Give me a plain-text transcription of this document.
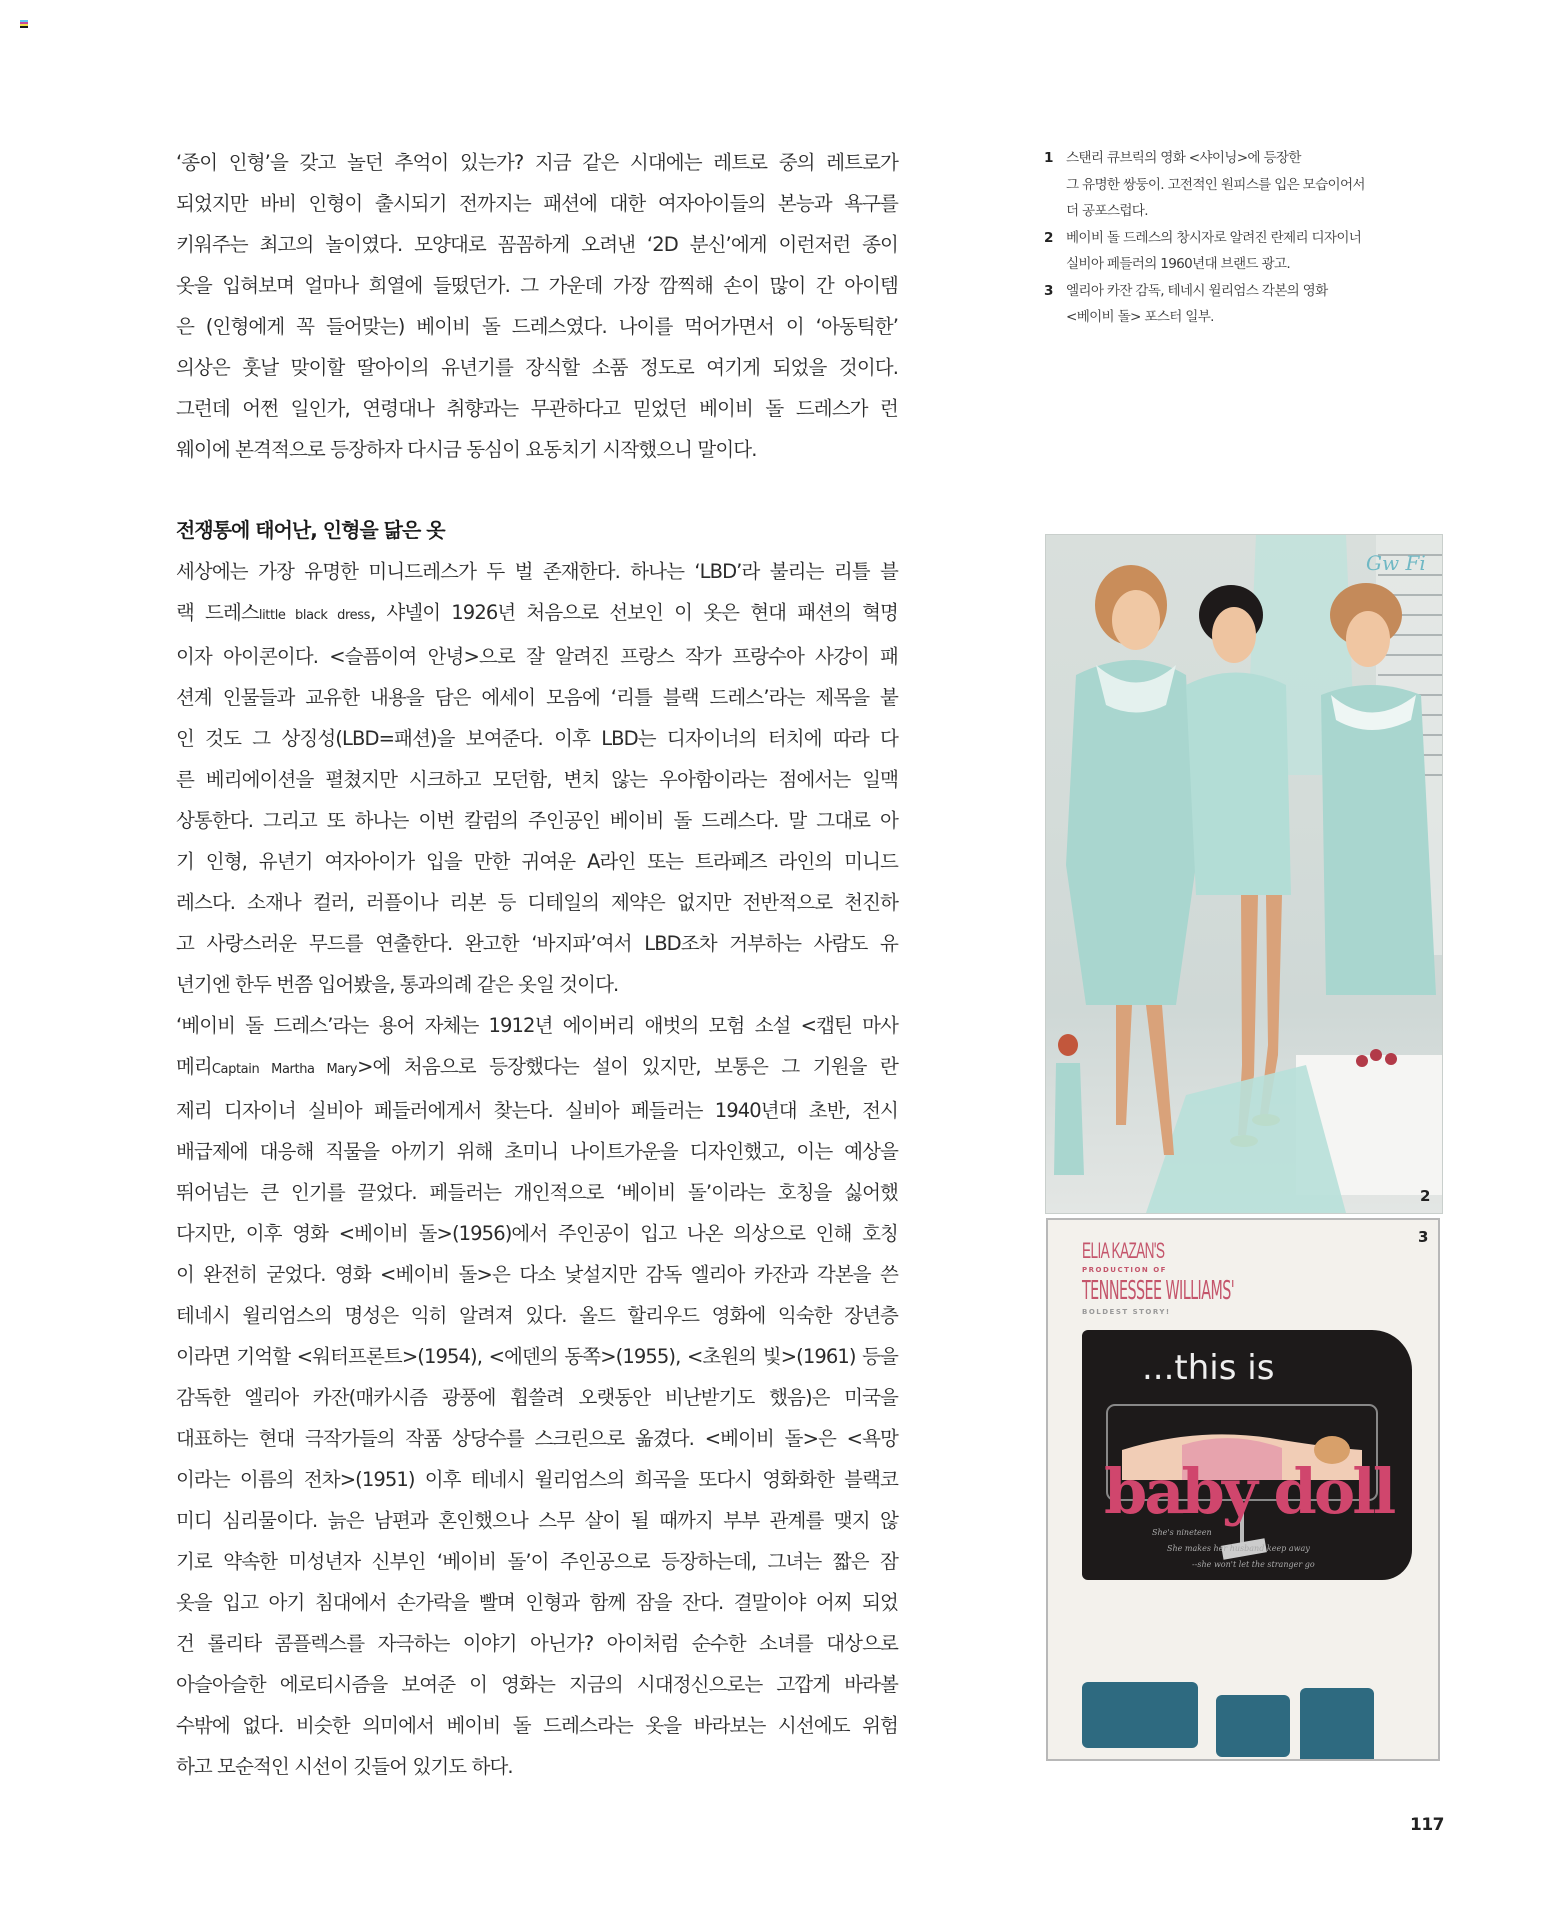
‘종이 인형’을 갖고 놀던 추억이 있는가? 지금 같은 시대에는 레트로 중의 레트로가
되었지만 바비 인형이 출시되기 전까지는 패션에 대한 여자아이들의 본능과 욕구를
키워주는 최고의 놀이였다. 모양대로 꼼꼼하게 오려낸 ‘2D 분신’에게 이런저런 종이
옷을 입혀보며 얼마나 희열에 들떴던가. 그 가운데 가장 깜찍해 손이 많이 간 아이템
은 (인형에게 꼭 들어맞는) 베이비 돌 드레스였다. 나이를 먹어가면서 이 ‘아동틱한’
의상은 훗날 맞이할 딸아이의 유년기를 장식할 소품 정도로 여기게 되었을 것이다.
그런데 어쩐 일인가, 연령대나 취향과는 무관하다고 믿었던 베이비 돌 드레스가 런
웨이에 본격적으로 등장하자 다시금 동심이 요동치기 시작했으니 말이다.

전쟁통에 태어난, 인형을 닮은 옷

세상에는 가장 유명한 미니드레스가 두 벌 존재한다. 하나는 ‘LBD’라 불리는 리틀 블
랙 드레스little black dress, 샤넬이 1926년 처음으로 선보인 이 옷은 현대 패션의 혁명
이자 아이콘이다. <슬픔이여 안녕>으로 잘 알려진 프랑스 작가 프랑수아 사강이 패
션계 인물들과 교유한 내용을 담은 에세이 모음에 ‘리틀 블랙 드레스’라는 제목을 붙
인 것도 그 상징성(LBD=패션)을 보여준다. 이후 LBD는 디자이너의 터치에 따라 다
른 베리에이션을 펼쳤지만 시크하고 모던함, 변치 않는 우아함이라는 점에서는 일맥
상통한다. 그리고 또 하나는 이번 칼럼의 주인공인 베이비 돌 드레스다. 말 그대로 아
기 인형, 유년기 여자아이가 입을 만한 귀여운 A라인 또는 트라페즈 라인의 미니드
레스다. 소재나 컬러, 러플이나 리본 등 디테일의 제약은 없지만 전반적으로 천진하
고 사랑스러운 무드를 연출한다. 완고한 ‘바지파’여서 LBD조차 거부하는 사람도 유
년기엔 한두 번쯤 입어봤을, 통과의례 같은 옷일 것이다.

‘베이비 돌 드레스’라는 용어 자체는 1912년 에이버리 애벗의 모험 소설 <캡틴 마사
메리Captain Martha Mary>에 처음으로 등장했다는 설이 있지만, 보통은 그 기원을 란
제리 디자이너 실비아 페들러에게서 찾는다. 실비아 페들러는 1940년대 초반, 전시
배급제에 대응해 직물을 아끼기 위해 초미니 나이트가운을 디자인했고, 이는 예상을
뛰어넘는 큰 인기를 끌었다. 페들러는 개인적으로 ‘베이비 돌’이라는 호칭을 싫어했
다지만, 이후 영화 <베이비 돌>(1956)에서 주인공이 입고 나온 의상으로 인해 호칭
이 완전히 굳었다. 영화 <베이비 돌>은 다소 낯설지만 감독 엘리아 카잔과 각본을 쓴
테네시 윌리엄스의 명성은 익히 알려져 있다. 올드 할리우드 영화에 익숙한 장년층
이라면 기억할 <워터프론트>(1954), <에덴의 동쪽>(1955), <초원의 빛>(1961) 등을
감독한 엘리아 카잔(매카시즘 광풍에 휩쓸려 오랫동안 비난받기도 했음)은 미국을
대표하는 현대 극작가들의 작품 상당수를 스크린으로 옮겼다. <베이비 돌>은 <욕망
이라는 이름의 전차>(1951) 이후 테네시 윌리엄스의 희곡을 또다시 영화화한 블랙코
미디 심리물이다. 늙은 남편과 혼인했으나 스무 살이 될 때까지 부부 관계를 맺지 않
기로 약속한 미성년자 신부인 ‘베이비 돌’이 주인공으로 등장하는데, 그녀는 짧은 잠
옷을 입고 아기 침대에서 손가락을 빨며 인형과 함께 잠을 잔다. 결말이야 어찌 되었
건 롤리타 콤플렉스를 자극하는 이야기 아닌가? 아이처럼 순수한 소녀를 대상으로
아슬아슬한 에로티시즘을 보여준 이 영화는 지금의 시대정신으로는 고깝게 바라볼
수밖에 없다. 비슷한 의미에서 베이비 돌 드레스라는 옷을 바라보는 시선에도 위험
하고 모순적인 시선이 깃들어 있기도 하다.

1 스탠리 큐브릭의 영화 <샤이닝>에 등장한
그 유명한 쌍둥이. 고전적인 원피스를 입은 모습이어서
더 공포스럽다.
2 베이비 돌 드레스의 창시자로 알려진 란제리 디자이너
실비아 페들러의 1960년대 브랜드 광고.
3 엘리아 카잔 감독, 테네시 윌리엄스 각본의 영화
<베이비 돌> 포스터 일부.
Gw Fi
2
3
ELIA KAZAN'S
PRODUCTION OF
TENNESSEE WILLIAMS'
BOLDEST STORY!
...this is
baby doll
She's nineteen
She makes her husband keep away
--she won't let the stranger go
117
